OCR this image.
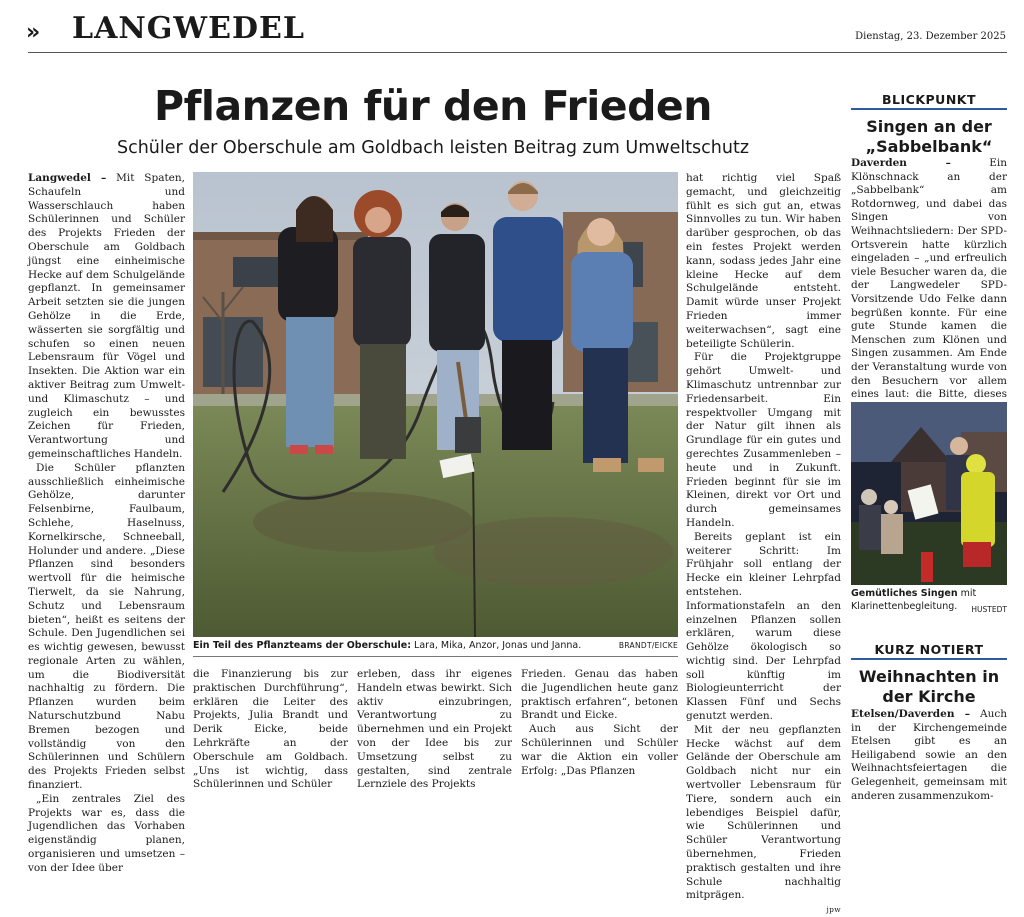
» LANGWEDEL	Dienstag, 23. Dezember 2025
Pflanzen für den Frieden
Schüler der Oberschule am Goldbach leisten Beitrag zum Umweltschutz

Langwedel – Mit Spaten, Schaufeln und Wasserschlauch haben Schülerinnen und Schüler des Projekts Frieden der Oberschule am Goldbach jüngst eine einheimische Hecke auf dem Schulgelände gepflanzt. In gemeinsamer Arbeit setzten sie die jungen Gehölze in die Erde, wässerten sie sorgfältig und schufen so einen neuen Lebensraum für Vögel und Insekten. Die Aktion war ein aktiver Beitrag zum Umwelt- und Klimaschutz – und zugleich ein bewusstes Zeichen für Frieden, Verantwortung und gemeinschaftliches Handeln.

Die Schüler pflanzten ausschließlich einheimische Gehölze, darunter Felsenbirne, Faulbaum, Schlehe, Haselnuss, Kornelkirsche, Schneeball, Holunder und andere. „Diese Pflanzen sind besonders wertvoll für die heimische Tierwelt, da sie Nahrung, Schutz und Lebensraum bieten“, heißt es seitens der Schule. Den Jugendlichen sei es wichtig gewesen, bewusst regionale Arten zu wählen, um die Biodiversität nachhaltig zu fördern. Die Pflanzen wurden beim Naturschutzbund Nabu Bremen bezogen und vollständig von den Schülerinnen und Schülern des Projekts Frieden selbst finanziert.

„Ein zentrales Ziel des Projekts war es, dass die Jugendlichen das Vorhaben eigenständig planen, organisieren und umsetzen – von der Idee über

BRANDT/EICKE
Ein Teil des Pflanzteams der Oberschule: Lara, Mika, Anzor, Jonas und Janna.

die Finanzierung bis zur praktischen Durchführung“, erklären die Leiter des Projekts, Julia Brandt und Derik Eicke, beide Lehrkräfte an der Oberschule am Goldbach. „Uns ist wichtig, dass Schülerinnen und Schüler

erleben, dass ihr eigenes Handeln etwas bewirkt. Sich aktiv einzubringen, Verantwortung zu übernehmen und ein Projekt von der Idee bis zur Umsetzung selbst zu gestalten, sind zentrale Lernziele des Projekts

Frieden. Genau das haben die Jugendlichen heute ganz praktisch erfahren“, betonen Brandt und Eicke.

Auch aus Sicht der Schülerinnen und Schüler war die Aktion ein voller Erfolg: „Das Pflanzen

hat richtig viel Spaß gemacht, und gleichzeitig fühlt es sich gut an, etwas Sinnvolles zu tun. Wir haben darüber gesprochen, ob das ein festes Projekt werden kann, sodass jedes Jahr eine kleine Hecke auf dem Schulgelände entsteht. Damit würde unser Projekt Frieden immer weiterwachsen“, sagt eine beteiligte Schülerin.

Für die Projektgruppe gehört Umwelt- und Klimaschutz untrennbar zur Friedensarbeit. Ein respektvoller Umgang mit der Natur gilt ihnen als Grundlage für ein gutes und gerechtes Zusammenleben – heute und in Zukunft. Frieden beginnt für sie im Kleinen, direkt vor Ort und durch gemeinsames Handeln.

Bereits geplant ist ein weiterer Schritt: Im Frühjahr soll entlang der Hecke ein kleiner Lehrpfad entstehen. Informationstafeln an den einzelnen Pflanzen sollen erklären, warum diese Gehölze ökologisch so wichtig sind. Der Lehrpfad soll künftig im Biologieunterricht der Klassen Fünf und Sechs genutzt werden.

Mit der neu gepflanzten Hecke wächst auf dem Gelände der Oberschule am Goldbach nicht nur ein wertvoller Lebensraum für Tiere, sondern auch ein lebendiges Beispiel dafür, wie Schülerinnen und Schüler Verantwortung übernehmen, Frieden praktisch gestalten und ihre Schule nachhaltig mitprägen.

jpw
BLICKPUNKT
Singen an der „Sabbelbank“
Daverden –	Ein Klönschnack an der „Sabbelbank“ am Rotdornweg, und dabei das Singen von Weihnachtsliedern: Der SPD-Ortsverein hatte kürzlich eingeladen – „und erfreulich viele Besucher waren da, die der Langwedeler SPD-Vorsitzende Udo Felke dann begrüßen konnte. Für eine gute Stunde kamen die Menschen zum Klönen und Singen zusammen. Am Ende der Veranstaltung wurde von den Besuchern vor allem eines laut: die Bitte, dieses
Gemütliches Singen mit Klarinettenbegleitung. HUSTEDT
KURZ NOTIERT
Weihnachten in der Kirche
Etelsen/Daverden – Auch in der Kirchengemeinde Etelsen gibt es an Heiligabend sowie an den Weihnachtsfeiertagen die Gelegenheit, gemeinsam mit anderen zusammenzukom-
